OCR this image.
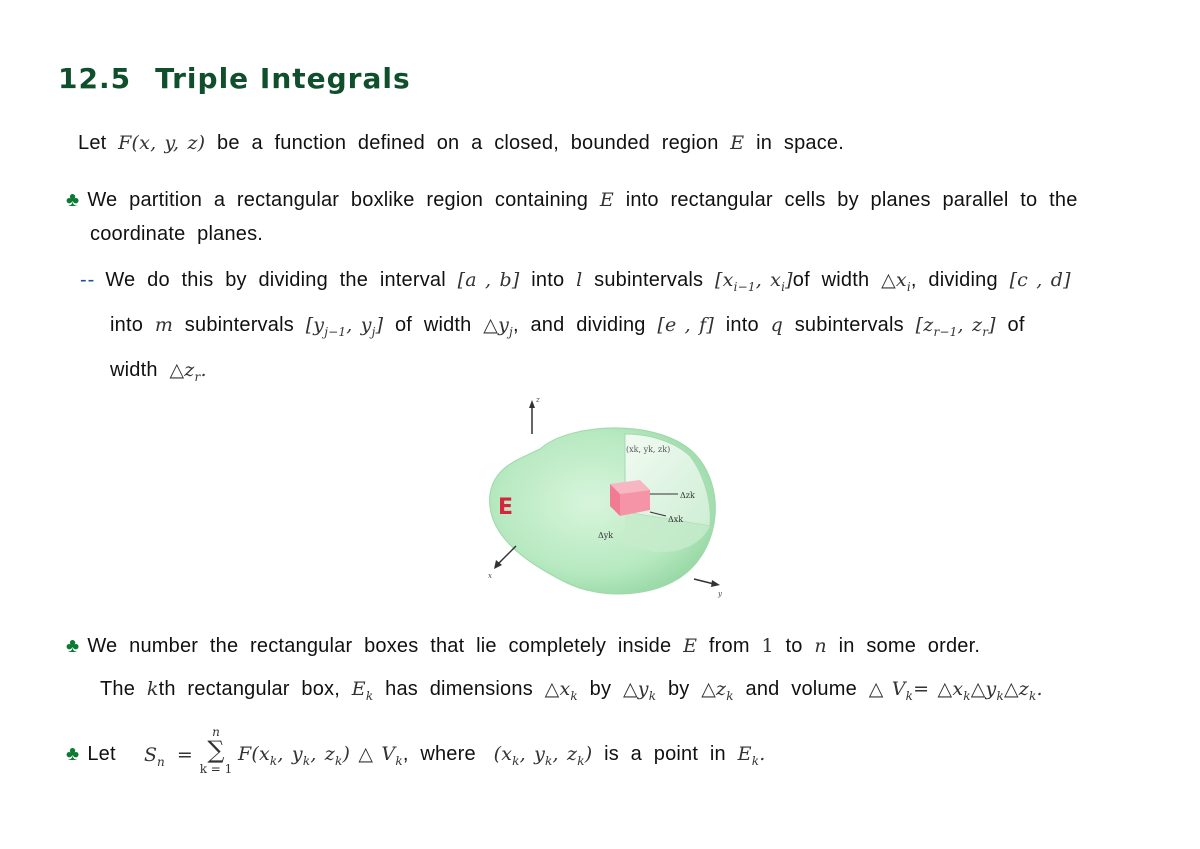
12.5 Triple Integrals
Let F(x, y, z) be a function defined on a closed, bounded region E in space.
♣ We partition a rectangular boxlike region containing E into rectangular cells by planes parallel to the
coordinate planes.
-- We do this by dividing the interval [a , b] into l subintervals [$x_{i-1}$, $x_i]of$ width $\triangle x_i$, dividing [c , d]
into m subintervals [$y_{j-1}$, $y_j$] of width $\triangle y_j$, and dividing [e , f] into q subintervals [$z_{r-1}$, $z_r$] of
width $\triangle z_r$.
z
Δzk
Δxk
Δyk
(xk, yk, zk)
E
x
y
♣ We number the rectangular boxes that lie completely inside E from 1 to n in some order.
The kth rectangular box, $E_k$ has dimensions $\triangle x_k$ by $\triangle y_k$ by $\triangle z_k$ and volume △ $V_k=$ $\triangle x_k\triangle y_k\triangle z_k$.
♣ Let $S_n$ =
n
∑
k = 1
$F(x_k$, $y_k$, $z_k$) △ $V_k$, where ($x_k$, $y_k$, $z_k$) is a point in $E_k$.
